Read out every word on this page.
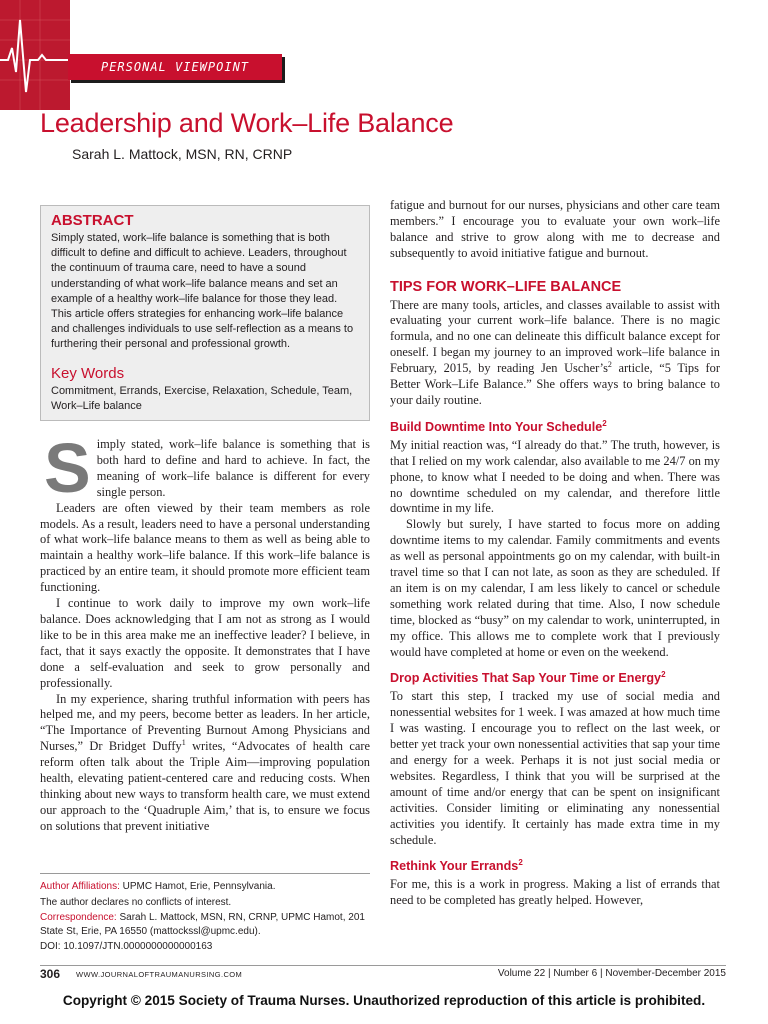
PERSONAL VIEWPOINT
Leadership and Work–Life Balance
Sarah L. Mattock, MSN, RN, CRNP
ABSTRACT

Simply stated, work–life balance is something that is both difficult to define and difficult to achieve. Leaders, throughout the continuum of trauma care, need to have a sound understanding of what work–life balance means and set an example of a healthy work–life balance for those they lead. This article offers strategies for enhancing work–life balance and challenges individuals to use self-reflection as a means to furthering their personal and professional growth.

Key Words

Commitment, Errands, Exercise, Relaxation, Schedule, Team, Work–Life balance

S imply stated, work–life balance is something that is both hard to define and hard to achieve. In fact, the meaning of work–life balance is different for every single person.

Leaders are often viewed by their team members as role models. As a result, leaders need to have a personal understanding of what work–life balance means to them as well as being able to maintain a healthy work–life balance. If this work–life balance is practiced by an entire team, it should promote more efficient team functioning.

I continue to work daily to improve my own work–life balance. Does acknowledging that I am not as strong as I would like to be in this area make me an ineffective leader? I believe, in fact, that it says exactly the opposite. It demonstrates that I have done a self-evaluation and seek to grow personally and professionally.

In my experience, sharing truthful information with peers has helped me, and my peers, become better as leaders. In her article, “The Importance of Preventing Burnout Among Physicians and Nurses,” Dr Bridget Duffy$^1$ writes, “Advocates of health care reform often talk about the Triple Aim—improving population health, elevating patient-centered care and reducing costs. When thinking about new ways to transform health care, we must extend our approach to the ‘Quadruple Aim,’ that is, to ensure we focus on solutions that prevent initiative

fatigue and burnout for our nurses, physicians and other care team members.” I encourage you to evaluate your own work–life balance and strive to grow along with me to decrease and subsequently to avoid initiative fatigue and burnout.

TIPS FOR WORK–LIFE BALANCE

There are many tools, articles, and classes available to assist with evaluating your current work–life balance. There is no magic formula, and no one can delineate this difficult balance except for oneself. I began my journey to an improved work–life balance in February, 2015, by reading Jen $Uscher’s^2$ article, “5 Tips for Better Work–Life Balance.” She offers ways to bring balance to your daily routine.

Build Downtime Into Your Schedule$^2$

My initial reaction was, “I already do that.” The truth, however, is that I relied on my work calendar, also available to me 24/7 on my phone, to know what I needed to be doing and when. There was no downtime scheduled on my calendar, and therefore little downtime in my life.

Slowly but surely, I have started to focus more on adding downtime items to my calendar. Family commitments and events as well as personal appointments go on my calendar, with built-in travel time so that I can not late, as soon as they are scheduled. If an item is on my calendar, I am less likely to cancel or schedule something work related during that time. Also, I now schedule time, blocked as “busy” on my calendar to work, uninterrupted, in my office. This allows me to complete work that I previously would have completed at home or even on the weekend.

Drop Activities That Sap Your Time or Energy$^2$

To start this step, I tracked my use of social media and nonessential websites for 1 week. I was amazed at how much time I was wasting. I encourage you to reflect on the last week, or better yet track your own nonessential activities that sap your time and energy for a week. Perhaps it is not just social media or websites. Regardless, I think that you will be surprised at the amount of time and/or energy that can be spent on insignificant activities. Consider limiting or eliminating any nonessential activities you identify. It certainly has made extra time in my schedule.

Rethink Your Errands$^2$

For me, this is a work in progress. Making a list of errands that need to be completed has greatly helped. However,

Author Affiliations: UPMC Hamot, Erie, Pennsylvania.

The author declares no conflicts of interest.

Correspondence: Sarah L. Mattock, MSN, RN, CRNP, UPMC Hamot, 201 State St, Erie, PA 16550 (mattockssl@upmc.edu).

DOI: 10.1097/JTN.0000000000000163

306 WWW.JOURNALOFTRAUMANURSING.COM	Volume 22 | Number 6 | November-December 2015
Copyright © 2015 Society of Trauma Nurses. Unauthorized reproduction of this article is prohibited.
